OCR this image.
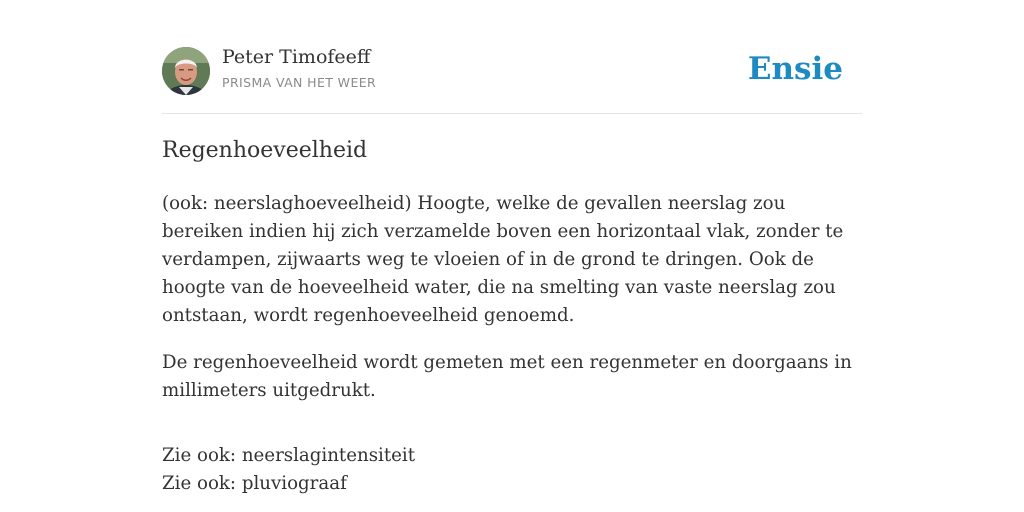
Peter Timofeeff
PRISMA VAN HET WEER	Ensie
Regenhoeveelheid

(ook: neerslaghoeveelheid) Hoogte, welke de gevallen neerslag zou bereiken indien hij zich verzamelde boven een horizontaal vlak, zonder te verdampen, zijwaarts weg te vloeien of in de grond te dringen. Ook de hoogte van de hoeveelheid water, die na smelting van vaste neerslag zou ontstaan, wordt regenhoeveelheid genoemd.

De regenhoeveelheid wordt gemeten met een regenmeter en doorgaans in millimeters uitgedrukt.

Zie ook: neerslagintensiteit
Zie ook: pluviograaf
